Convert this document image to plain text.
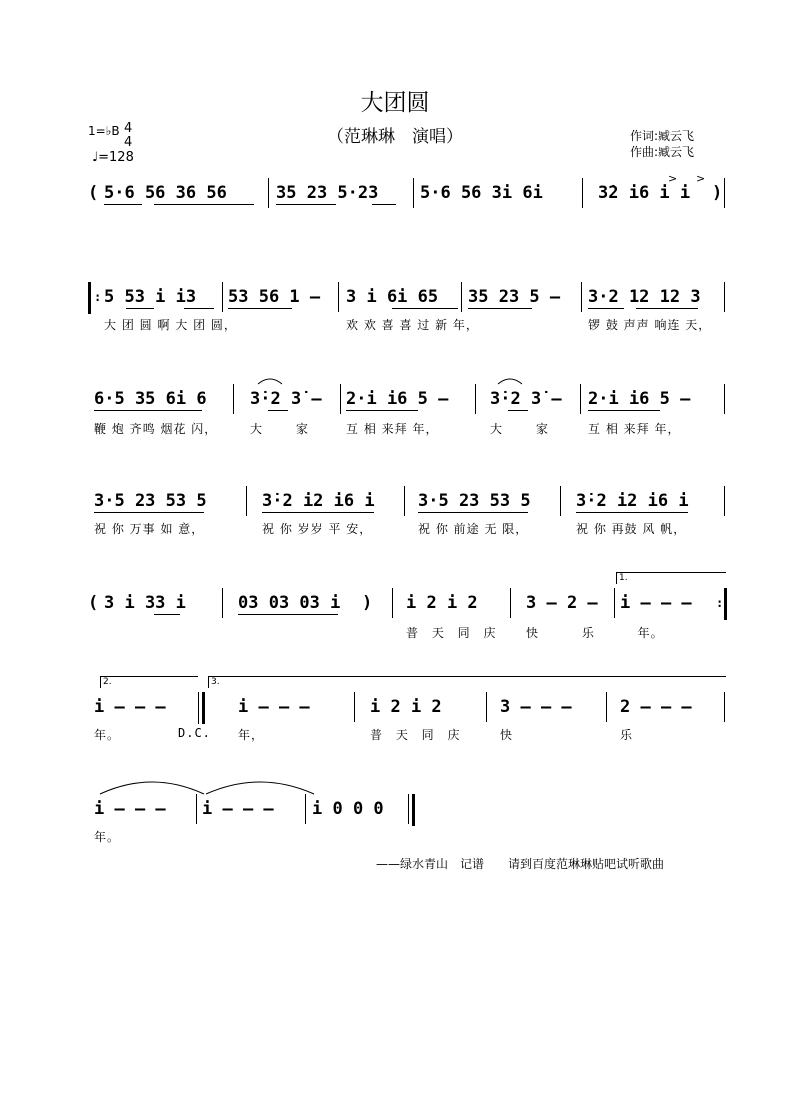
大团圆
（范琳琳　演唱）	作词:臧云飞
作曲:臧云飞
1=♭B 4
4
♩=128
( 5·6 56 36 56	35 23 5·23 5·6 56 3i 6i	3̇2 i6 i i )
> >
: 5 53 i i3 53 56 1 – 3 i 6i 65 35 23 5 – 3·2 12 12 3
大 团 圆 啊 大 团 圆，	欢 欢 喜 喜 过 新 年，	锣 鼓 声声 响连 天，
6·5 35 6i 6	3̇·2 3̇ – 2·i i6 5 – 3̇·2 3̇ – 2·i i6 5 –
鞭 炮 齐鸣 烟花 闪，	大 家	互 相 来拜 年，	大 家	互 相 来拜 年，
3·5 23 53 5	3̇·2 i2 i6 i	3·5 23 53 5	3̇·2 i2 i6 i
祝 你 万事 如 意，	祝 你 岁岁 平 安，	祝 你 前途 无 限，	祝 你 再鼓 风 帆，
( 3 i 33 i	03 03 03 i ) i 2 i 2	3 – 2 – i – – – :
1.
普 天 同 庆 快 乐 年。
2.	3.
i – – –	i – – –	i 2 i 2	3 – – –	2 – – –
年。	D.C. 年，	普 天 同 庆	快	乐
i – – – i – – – i 0 0 0
年。
——绿水青山　记谱　　请到百度范琳琳贴吧试听歌曲
